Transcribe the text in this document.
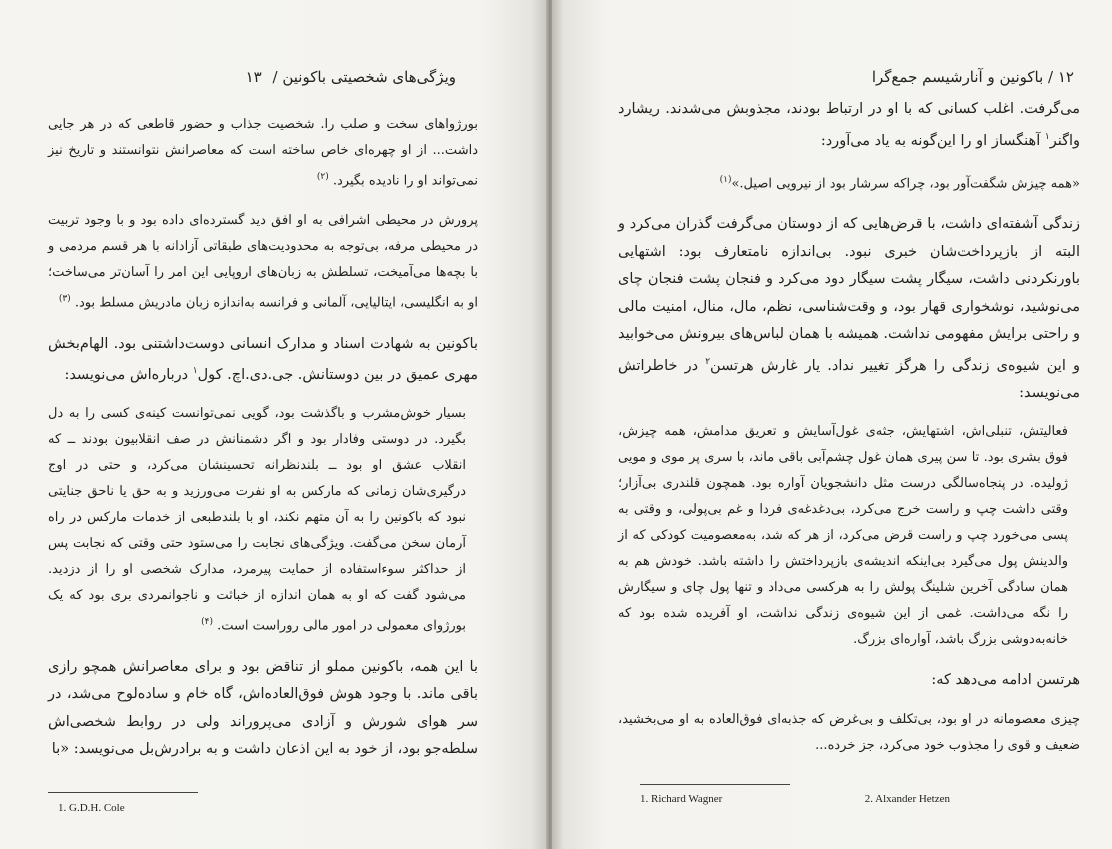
ویژگی‌های شخصیتی باکونین / ۱۳

بورژواهای سخت و صلب را. شخصیت جذاب و حضور قاطعی که در هر جایی داشت... از او چهره‌ای خاص ساخته است که معاصرانش نتوانستند و تاریخ نیز نمی‌تواند او را نادیده بگیرد. $^{(۲)}$

پرورش در محیطی اشرافی به او افق دید گسترده‌ای داده بود و با وجود تربیت در محیطی مرفه، بی‌توجه به محدودیت‌های طبقاتی آزادانه با هر قسم مردمی و با بچه‌ها می‌آمیخت، تسلطش به زبان‌های اروپایی این امر را آسان‌تر می‌ساخت؛ او به انگلیسی، ایتالیایی، آلمانی و فرانسه به‌اندازه زبان مادریش مسلط بود. $^{(۳)}$

باکونین به شهادت اسناد و مدارک انسانی دوست‌داشتنی بود. الهام‌بخش مهری عمیق در بین دوستانش. جی.دی.اچ. کول$^۱$ درباره‌اش می‌نویسد:

بسیار خوش‌مشرب و باگذشت بود، گویی نمی‌توانست کینه‌ی کسی را به دل بگیرد. در دوستی وفادار بود و اگر دشمنانش در صف انقلابیون بودند ــ که انقلاب عشق او بود ــ بلندنظرانه تحسینشان می‌کرد، و حتی در اوج درگیری‌شان زمانی که مارکس به او نفرت می‌ورزید و به حق یا ناحق جنایتی نبود که باکونین را به آن متهم نکند، او با بلندطبعی از خدمات مارکس در راه آرمان سخن می‌گفت. ویژگی‌های نجابت را می‌ستود حتی وقتی که نجابت پس از حداکثر سوءاستفاده از حمایت پیرمرد، مدارک شخصی او را از دزدید. می‌شود گفت که او به همان اندازه از خباثت و ناجوانمردی بری بود که یک بورژوای معمولی در امور مالی روراست است. $^{(۴)}$

با این همه، باکونین مملو از تناقض بود و برای معاصرانش همچو رازی باقی ماند. با وجود هوش فوق‌العاده‌اش، گاه خام و ساده‌لوح می‌شد، در سر هوای شورش و آزادی می‌پروراند ولی در روابط شخصی‌اش سلطه‌جو بود، از خود به این اذعان داشت و به برادرش‌بل می‌نویسد: «با

1. G.D.H. Cole
۱۲ / باکونین و آنارشیسم جمع‌گرا

می‌گرفت. اغلب کسانی که با او در ارتباط بودند، مجذوبش می‌شدند. ریشارد واگنر$^۱$ آهنگساز او را این‌گونه به یاد می‌آورد:

«همه چیزش شگفت‌آور بود، چراکه سرشار بود از نیرویی اصیل.»$^{(۱)}$

زندگی آشفته‌ای داشت، با قرض‌هایی که از دوستان می‌گرفت گذران می‌کرد و البته از بازپرداخت‌شان خبری نبود. بی‌اندازه نامتعارف بود: اشتهایی باورنکردنی داشت، سیگار پشت سیگار دود می‌کرد و فنجان پشت فنجان چای می‌نوشید، نوشخواری قهار بود، و وقت‌شناسی، نظم، مال، منال، امنیت مالی و راحتی برایش مفهومی نداشت. همیشه با همان لباس‌های بیرونش می‌خوابید و این شیوه‌ی زندگی را هرگز تغییر نداد. یار غارش هرتسن$^۲$ در خاطراتش می‌نویسد:

فعالیتش، تنبلی‌اش، اشتهایش، جثه‌ی غول‌آسایش و تعریق مدامش، همه چیزش، فوق بشری بود. تا سن پیری همان غول چشم‌آبی باقی ماند، با سری پر موی و مویی ژولیده. در پنجاه‌سالگی درست مثل دانشجویان آواره بود. همچون قلندری بی‌آزار؛ وقتی داشت چپ و راست خرج می‌کرد، بی‌دغدغه‌ی فردا و غم بی‌پولی، و وقتی به پسی می‌خورد چپ و راست قرض می‌کرد، از هر که شد، به‌معصومیت کودکی که از والدینش پول می‌گیرد بی‌اینکه اندیشه‌ی بازپرداختش را داشته باشد. خودش هم به همان سادگی آخرین شلینگ پولش را به هرکسی می‌داد و تنها پول چای و سیگارش را نگه می‌داشت. غمی از این شیوه‌ی زندگی نداشت، او آفریده شده بود که خانه‌به‌دوشی بزرگ باشد، آواره‌ای بزرگ.

هرتسن ادامه می‌دهد که:

چیزی معصومانه در او بود، بی‌تکلف و بی‌غرض که جذبه‌ای فوق‌العاده به او می‌بخشید، ضعیف و قوی را مجذوب خود می‌کرد، جز خرده...

1. Richard Wagner	2. Alxander Hetzen
